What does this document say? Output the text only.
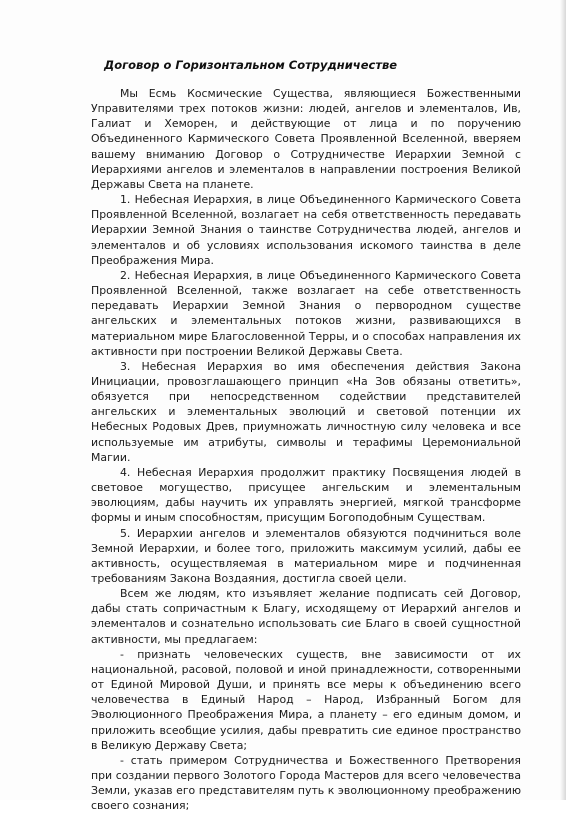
Договор о Горизонтальном Сотрудничестве

Мы Есмь Космические Существа, являющиеся Божественными Управителями трех потоков жизни: людей, ангелов и элементалов, Ив, Галиат и Хеморен, и действующие от лица и по поручению Объединенного Кармического Совета Проявленной Вселенной, вверяем вашему вниманию Договор о Сотрудничестве Иерархии Земной с Иерархиями ангелов и элементалов в направлении построения Великой Державы Света на планете.

1. Небесная Иерархия, в лице Объединенного Кармического Совета Проявленной Вселенной, возлагает на себя ответственность передавать Иерархии Земной Знания о таинстве Сотрудничества людей, ангелов и элементалов и об условиях использования искомого таинства в деле Преображения Мира.

2. Небесная Иерархия, в лице Объединенного Кармического Совета Проявленной Вселенной, также возлагает на себе ответственность передавать Иерархии Земной Знания о первородном существе ангельских и элементальных потоков жизни, развивающихся в материальном мире Благословенной Терры, и о способах направления их активности при построении Великой Державы Света.

3. Небесная Иерархия во имя обеспечения действия Закона Инициации, провозглашающего принцип «На Зов обязаны ответить», обязуется при непосредственном содействии представителей ангельских и элементальных эволюций и световой потенции их Небесных Родовых Древ, приумножать личностную силу человека и все используемые им атрибуты, символы и терафимы Церемониальной Магии.

4. Небесная Иерархия продолжит практику Посвящения людей в световое могущество, присущее ангельским и элементальным эволюциям, дабы научить их управлять энергией, мягкой трансформе формы и иным способностям, присущим Богоподобным Существам.

5. Иерархии ангелов и элементалов обязуются подчиниться воле Земной Иерархии, и более того, приложить максимум усилий, дабы ее активность, осуществляемая в материальном мире и подчиненная требованиям Закона Воздаяния, достигла своей цели.

Всем же людям, кто изъявляет желание подписать сей Договор, дабы стать сопричастным к Благу, исходящему от Иерархий ангелов и элементалов и сознательно использовать сие Благо в своей сущностной активности, мы предлагаем:

- признать человеческих существ, вне зависимости от их национальной, расовой, половой и иной принадлежности, сотворенными от Единой Мировой Души, и принять все меры к объединению всего человечества в Единый Народ – Народ, Избранный Богом для Эволюционного Преображения Мира, а планету – его единым домом, и приложить всеобщие усилия, дабы превратить сие единое пространство в Великую Державу Света;

- стать примером Сотрудничества и Божественного Претворения при создании первого Золотого Города Мастеров для всего человечества Земли, указав его представителям путь к эволюционному преображению своего сознания;
